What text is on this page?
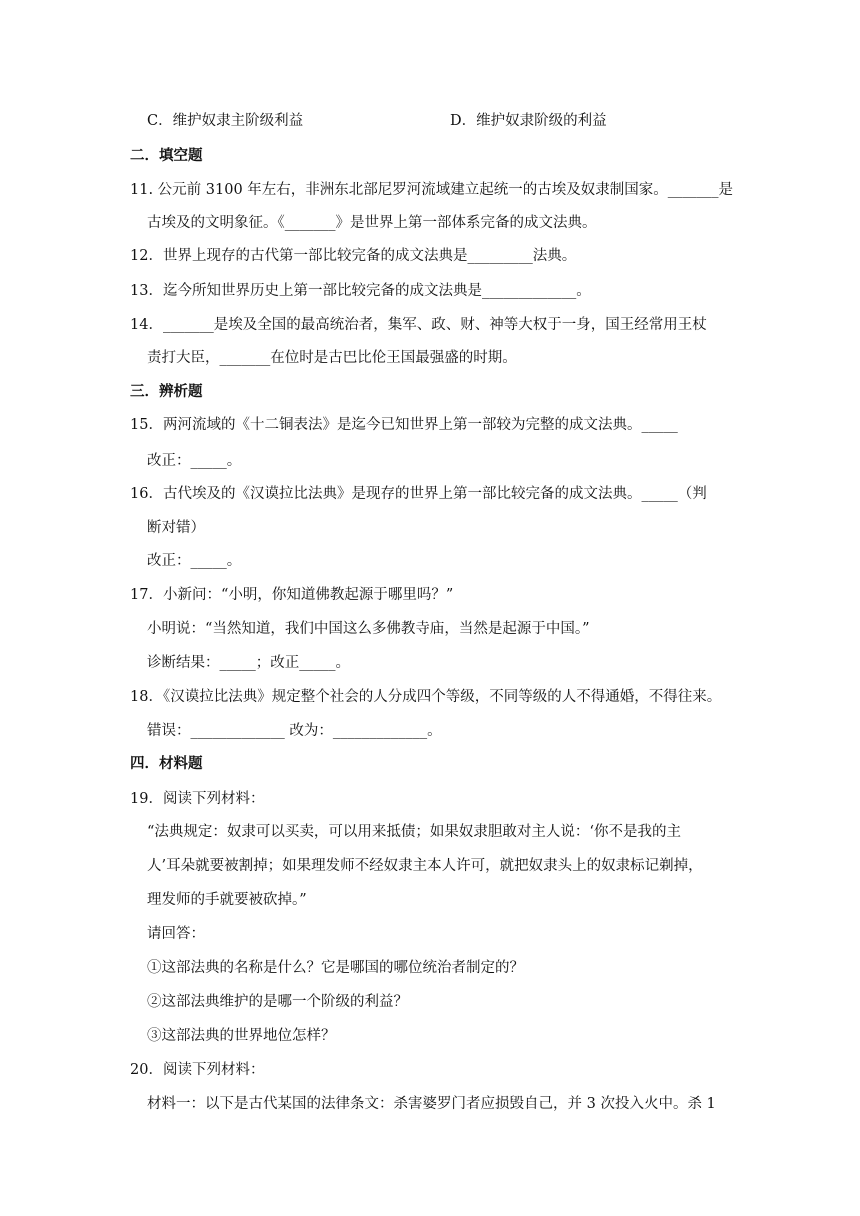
C．维护奴隶主阶级利益	D．维护奴隶阶级的利益
二．填空题
11. 公元前 3100 年左右，非洲东北部尼罗河流域建立起统一的古埃及奴隶制国家。_______是
古埃及的文明象征。《_______》是世界上第一部体系完备的成文法典。
12．世界上现存的古代第一部比较完备的成文法典是_________法典。
13．迄今所知世界历史上第一部比较完备的成文法典是_____________。
14．_______是埃及全国的最高统治者，集军、政、财、神等大权于一身，国王经常用王杖
责打大臣，_______在位时是古巴比伦王国最强盛的时期。
三．辨析题
15．两河流域的《十二铜表法》是迄今已知世界上第一部较为完整的成文法典。_____
改正：_____。
16．古代埃及的《汉谟拉比法典》是现存的世界上第一部比较完备的成文法典。_____（判
断对错）
改正：_____。
17．小新问：“小明，你知道佛教起源于哪里吗？”
小明说：“当然知道，我们中国这么多佛教寺庙，当然是起源于中国。”
诊断结果：_____；改正_____。
18．《汉谟拉比法典》规定整个社会的人分成四个等级，不同等级的人不得通婚，不得往来。
错误：_____________ 改为：_____________。
四．材料题
19．阅读下列材料：
“法典规定：奴隶可以买卖，可以用来抵债；如果奴隶胆敢对主人说：‘你不是我的主
人’耳朵就要被割掉；如果理发师不经奴隶主本人许可，就把奴隶头上的奴隶标记剃掉，
理发师的手就要被砍掉。”
请回答：
①这部法典的名称是什么？它是哪国的哪位统治者制定的？
②这部法典维护的是哪一个阶级的利益？
③这部法典的世界地位怎样？
20．阅读下列材料：
材料一：以下是古代某国的法律条文：杀害婆罗门者应损毁自己，并 3 次投入火中。杀 1
